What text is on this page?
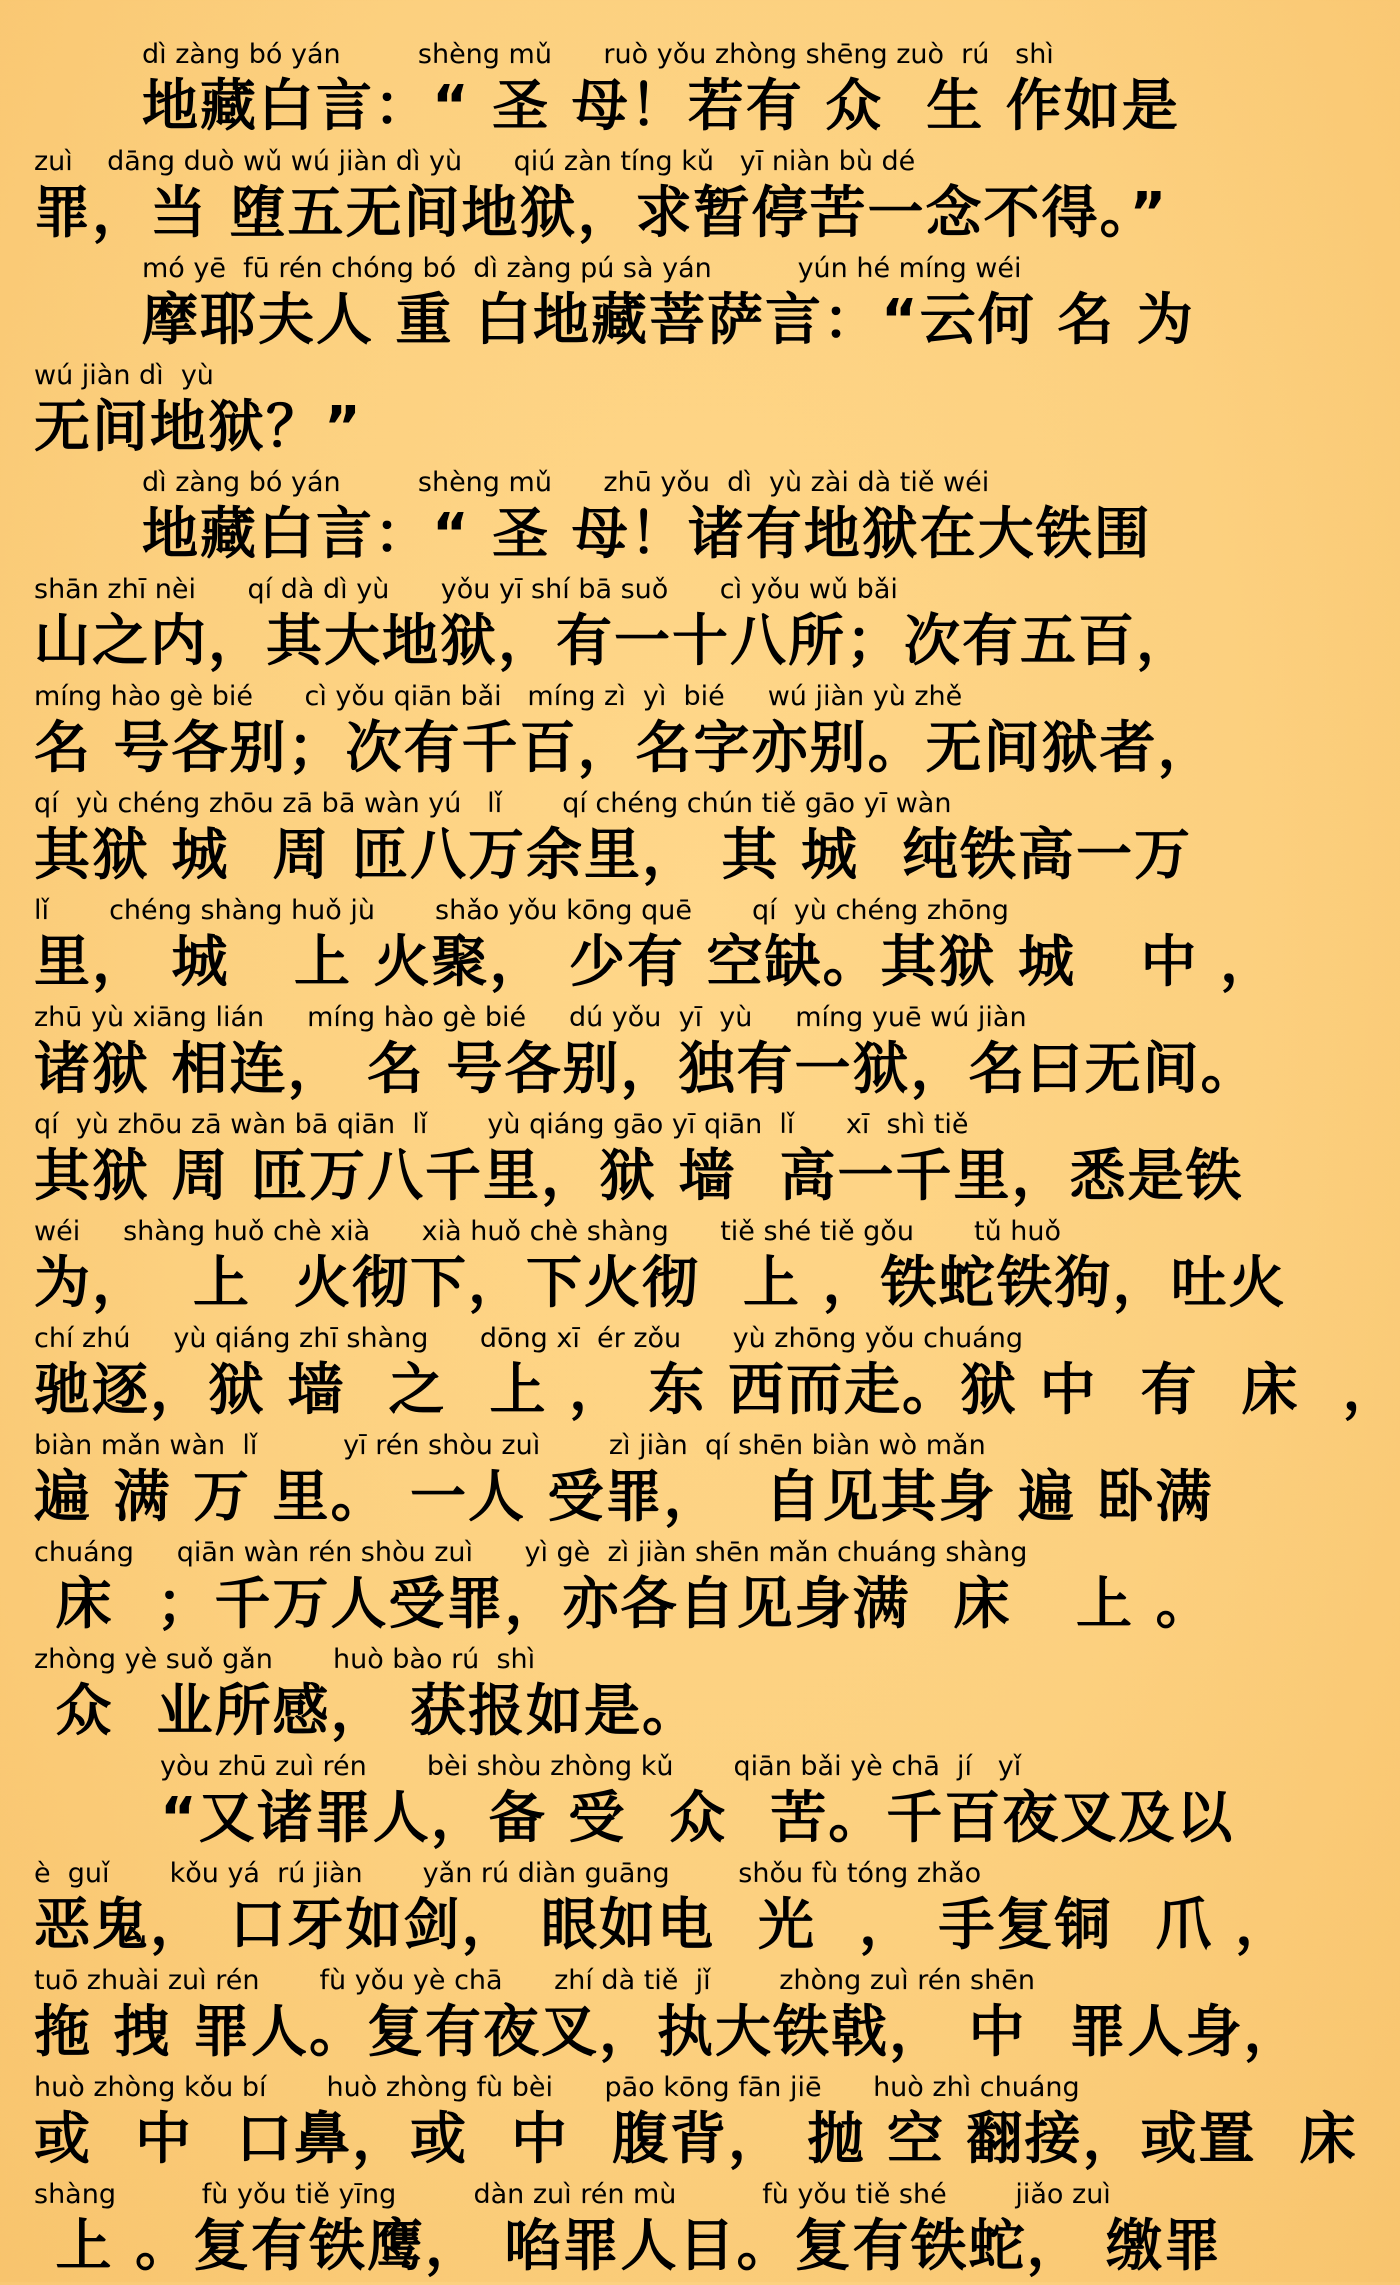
dì zàng bó yán         shèng mǔ      ruò yǒu zhòng shēng zuò  rú   shì
地藏白言：“ 圣 母！若有 众  生 作如是
zuì    dāng duò wǔ wú jiàn dì yù      qiú zàn tíng kǔ   yī niàn bù dé
罪，当 堕五无间地狱，求暂停苦一念不得。”
mó yē  fū rén chóng bó  dì zàng pú sà yán          yún hé míng wéi
摩耶夫人 重 白地藏菩萨言：“云何 名 为
wú jiàn dì  yù
无间地狱？”
dì zàng bó yán         shèng mǔ      zhū yǒu  dì  yù zài dà tiě wéi
地藏白言：“ 圣 母！诸有地狱在大铁围
shān zhī nèi      qí dà dì yù      yǒu yī shí bā suǒ      cì yǒu wǔ bǎi
山之内，其大地狱，有一十八所；次有五百，
míng hào gè bié      cì yǒu qiān bǎi   míng zì  yì  bié     wú jiàn yù zhě
名 号各别；次有千百，名字亦别。无间狱者，
qí  yù chéng zhōu zā bā wàn yú   lǐ       qí chéng chún tiě gāo yī wàn
其狱 城  周 匝八万余里， 其 城  纯铁高一万
lǐ       chéng shàng huǒ jù       shǎo yǒu kōng quē       qí  yù chéng zhōng
里， 城   上 火聚， 少有 空缺。其狱 城   中 ，
zhū yù xiāng lián     míng hào gè bié     dú yǒu  yī  yù     míng yuē wú jiàn
诸狱 相连， 名 号各别，独有一狱，名曰无间。
qí  yù zhōu zā wàn bā qiān  lǐ       yù qiáng gāo yī qiān  lǐ      xī  shì tiě
其狱 周 匝万八千里，狱 墙  高一千里，悉是铁
wéi     shàng huǒ chè xià      xià huǒ chè shàng      tiě shé tiě gǒu       tǔ huǒ
为，  上  火彻下，下火彻  上 ，铁蛇铁狗，吐火
chí zhú     yù qiáng zhī shàng      dōng xī  ér zǒu      yù zhōng yǒu chuáng
驰逐，狱 墙  之  上 ， 东 西而走。狱 中  有  床  ，
biàn mǎn wàn  lǐ          yī rén shòu zuì        zì jiàn  qí shēn biàn wò mǎn
遍 满 万 里。 一人 受罪，  自见其身 遍 卧满
chuáng     qiān wàn rén shòu zuì      yì gè  zì jiàn shēn mǎn chuáng shàng
床  ；千万人受罪，亦各自见身满  床   上 。
zhòng yè suǒ gǎn       huò bào rú  shì
众  业所感， 获报如是。
yòu zhū zuì rén       bèi shòu zhòng kǔ       qiān bǎi yè chā  jí   yǐ
“又诸罪人，备 受  众  苦。千百夜叉及以
è  guǐ       kǒu yá  rú jiàn       yǎn rú diàn guāng        shǒu fù tóng zhǎo
恶鬼， 口牙如剑， 眼如电  光  ， 手复铜  爪 ，
tuō zhuài zuì rén       fù yǒu yè chā      zhí dà tiě  jǐ        zhòng zuì rén shēn
拖 拽 罪人。复有夜叉，执大铁戟， 中  罪人身，
huò zhòng kǒu bí       huò zhòng fù bèi      pāo kōng fān jiē      huò zhì chuáng
或  中  口鼻，或  中  腹背， 抛 空 翻接，或置  床
shàng          fù yǒu tiě yīng         dàn zuì rén mù          fù yǒu tiě shé        jiǎo zuì
上 。复有铁鹰， 啗罪人目。复有铁蛇， 缴罪
